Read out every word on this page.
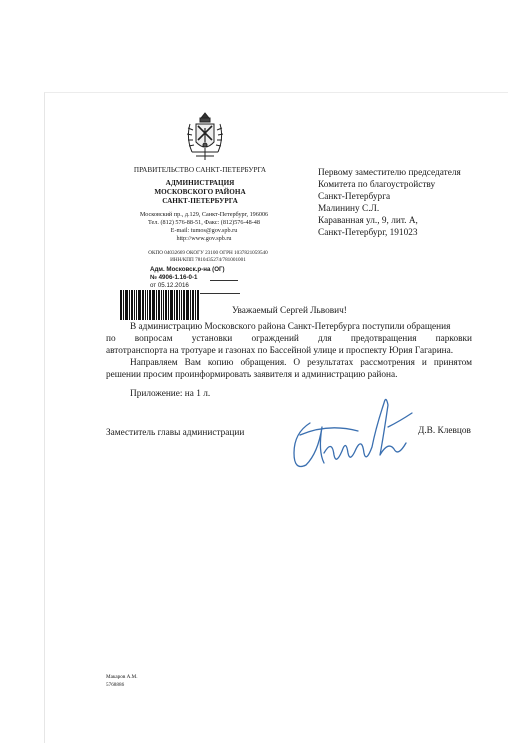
ПРАВИТЕЛЬСТВО САНКТ-ПЕТЕРБУРГА
АДМИНИСТРАЦИЯ
МОСКОВСКОГО РАЙОНА
САНКТ-ПЕТЕРБУРГА
Московский пр., д.129, Санкт-Петербург, 196006
Тел. (812) 576-88-51, Факс: (812)576-48-48
E-mail: tumos@gov.spb.ru
http://www.gov.spb.ru
ОКПО 04032669 ОКОГУ 23100 ОГРН 1037821059540
ИНН/КПП 7810435274/781001001
Адм. Московск.р-на (ОГ)
№ 4906-1.16-0-1
от 05.12.2016
Первому заместителю председателя
Комитета по благоустройству
Санкт-Петербурга
Малинину С.Л.
Караванная ул., 9, лит. А,
Санкт-Петербург, 191023
Уважаемый Сергей Львович!
В администрацию Московского района Санкт-Петербурга поступили обращения
по вопросам установки ограждений для предотвращения парковки
автотранспорта на тротуаре и газонах по Бассейной улице и проспекту Юрия Гагарина.
Направляем Вам копию обращения. О результатах рассмотрения и принятом
решении просим проинформировать заявителя и администрацию района.
Приложение: на 1 л.
Заместитель главы администрации	Д.В. Клевцов
Макаров А.М.
5768886
